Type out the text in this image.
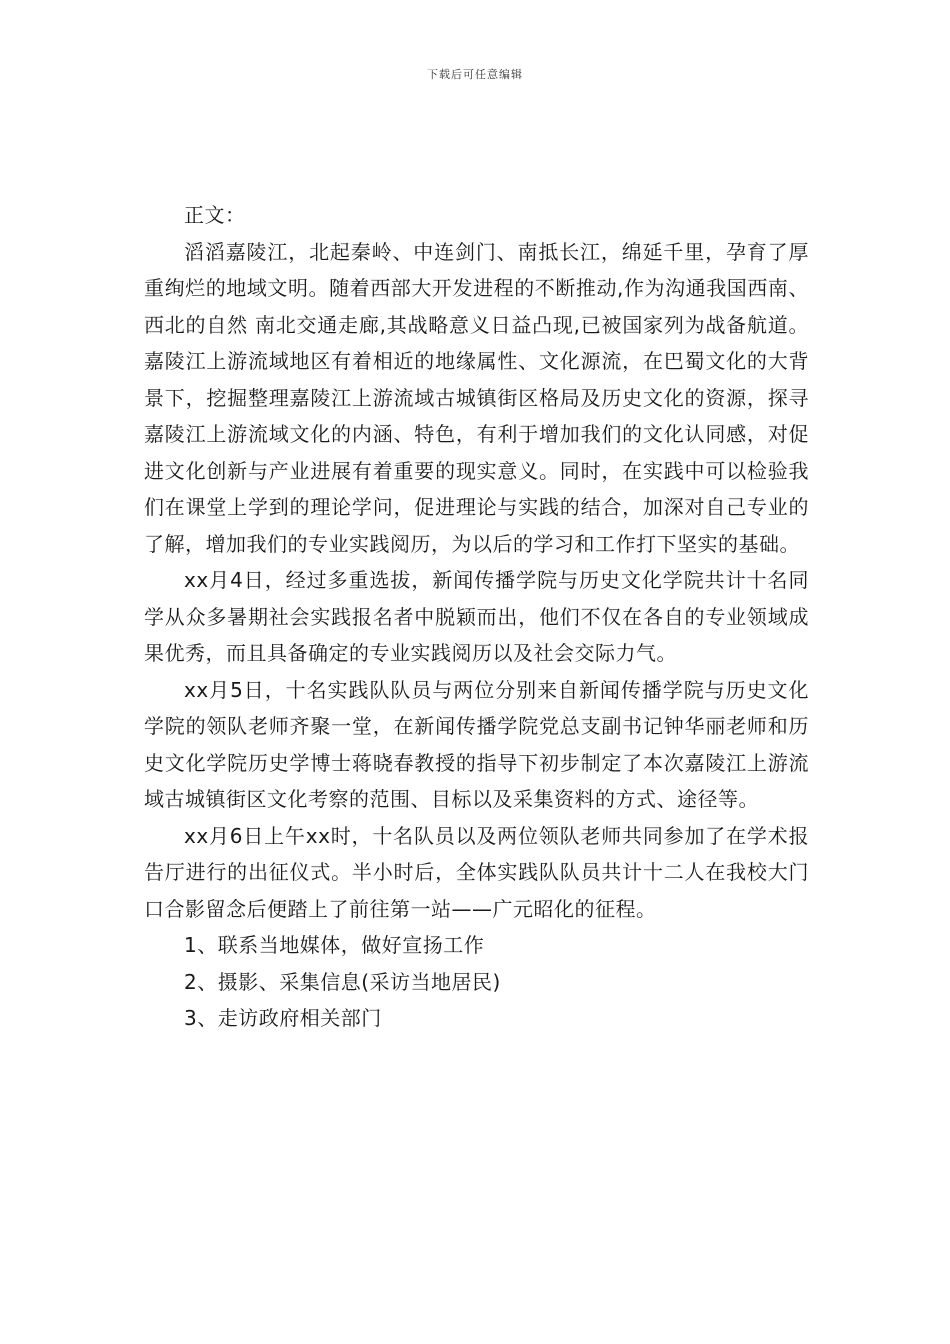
下载后可任意编辑

正文：

滔滔嘉陵江，北起秦岭、中连剑门、南抵长江，绵延千里，孕育了厚重绚烂的地域文明。随着西部大开发进程的不断推动,作为沟通我国西南、西北的自然 南北交通走廊,其战略意义日益凸现,已被国家列为战备航道。嘉陵江上游流域地区有着相近的地缘属性、文化源流，在巴蜀文化的大背景下，挖掘整理嘉陵江上游流域古城镇街区格局及历史文化的资源，探寻嘉陵江上游流域文化的内涵、特色，有利于增加我们的文化认同感，对促进文化创新与产业进展有着重要的现实意义。同时，在实践中可以检验我们在课堂上学到的理论学问，促进理论与实践的结合，加深对自己专业的了解，增加我们的专业实践阅历，为以后的学习和工作打下坚实的基础。

xx月4日，经过多重选拔，新闻传播学院与历史文化学院共计十名同学从众多暑期社会实践报名者中脱颖而出，他们不仅在各自的专业领域成果优秀，而且具备确定的专业实践阅历以及社会交际力气。

xx月5日，十名实践队队员与两位分别来自新闻传播学院与历史文化学院的领队老师齐聚一堂，在新闻传播学院党总支副书记钟华丽老师和历史文化学院历史学博士蒋晓春教授的指导下初步制定了本次嘉陵江上游流域古城镇街区文化考察的范围、目标以及采集资料的方式、途径等。

xx月6日上午xx时，十名队员以及两位领队老师共同参加了在学术报告厅进行的出征仪式。半小时后，全体实践队队员共计十二人在我校大门口合影留念后便踏上了前往第一站——广元昭化的征程。

1、联系当地媒体，做好宣扬工作

2、摄影、采集信息(采访当地居民)

3、走访政府相关部门
